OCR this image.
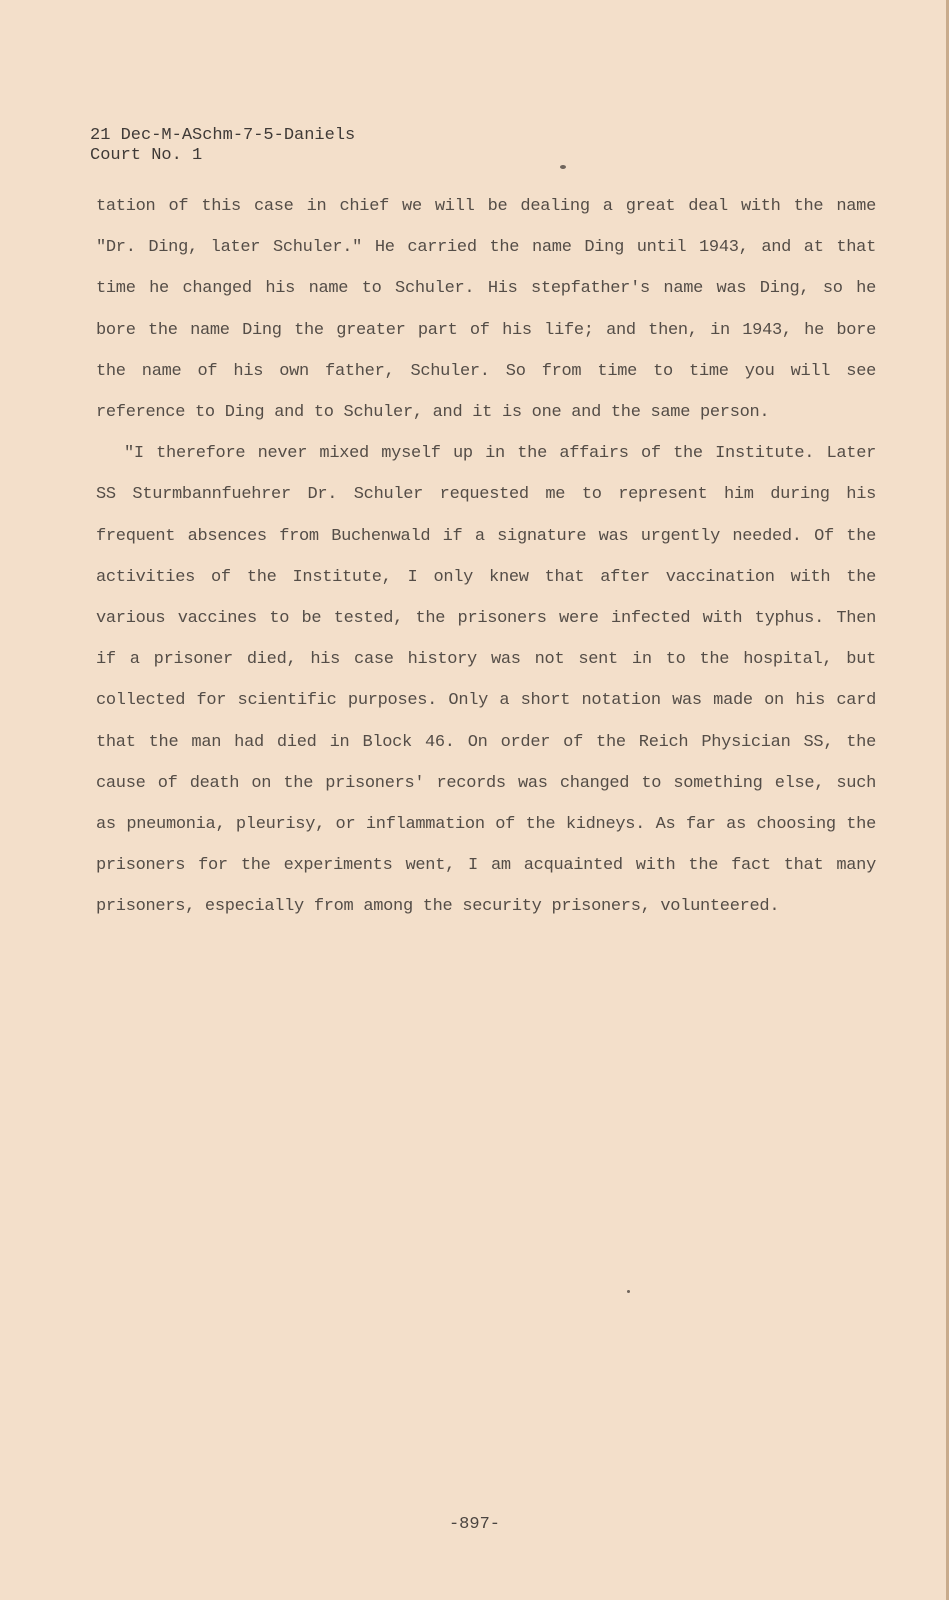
21 Dec-M-ASchm-7-5-Daniels
Court No. 1

tation of this case in chief we will be dealing a great deal with the name "Dr. Ding, later Schuler." He carried the name Ding until 1943, and at that time he changed his name to Schuler. His stepfather's name was Ding, so he bore the name Ding the greater part of his life; and then, in 1943, he bore the name of his own father, Schuler. So from time to time you will see reference to Ding and to Schuler, and it is one and the same person.

"I therefore never mixed myself up in the affairs of the Institute. Later SS Sturmbannfuehrer Dr. Schuler requested me to represent him during his frequent absences from Buchenwald if a signature was urgently needed. Of the activities of the Institute, I only knew that after vaccination with the various vaccines to be tested, the prisoners were infected with typhus. Then if a prisoner died, his case history was not sent in to the hospital, but collected for scientific purposes. Only a short notation was made on his card that the man had died in Block 46. On order of the Reich Physician SS, the cause of death on the prisoners' records was changed to something else, such as pneumonia, pleurisy, or inflammation of the kidneys. As far as choosing the prisoners for the experiments went, I am acquainted with the fact that many prisoners, especially from among the security prisoners, volunteered.

-897-
